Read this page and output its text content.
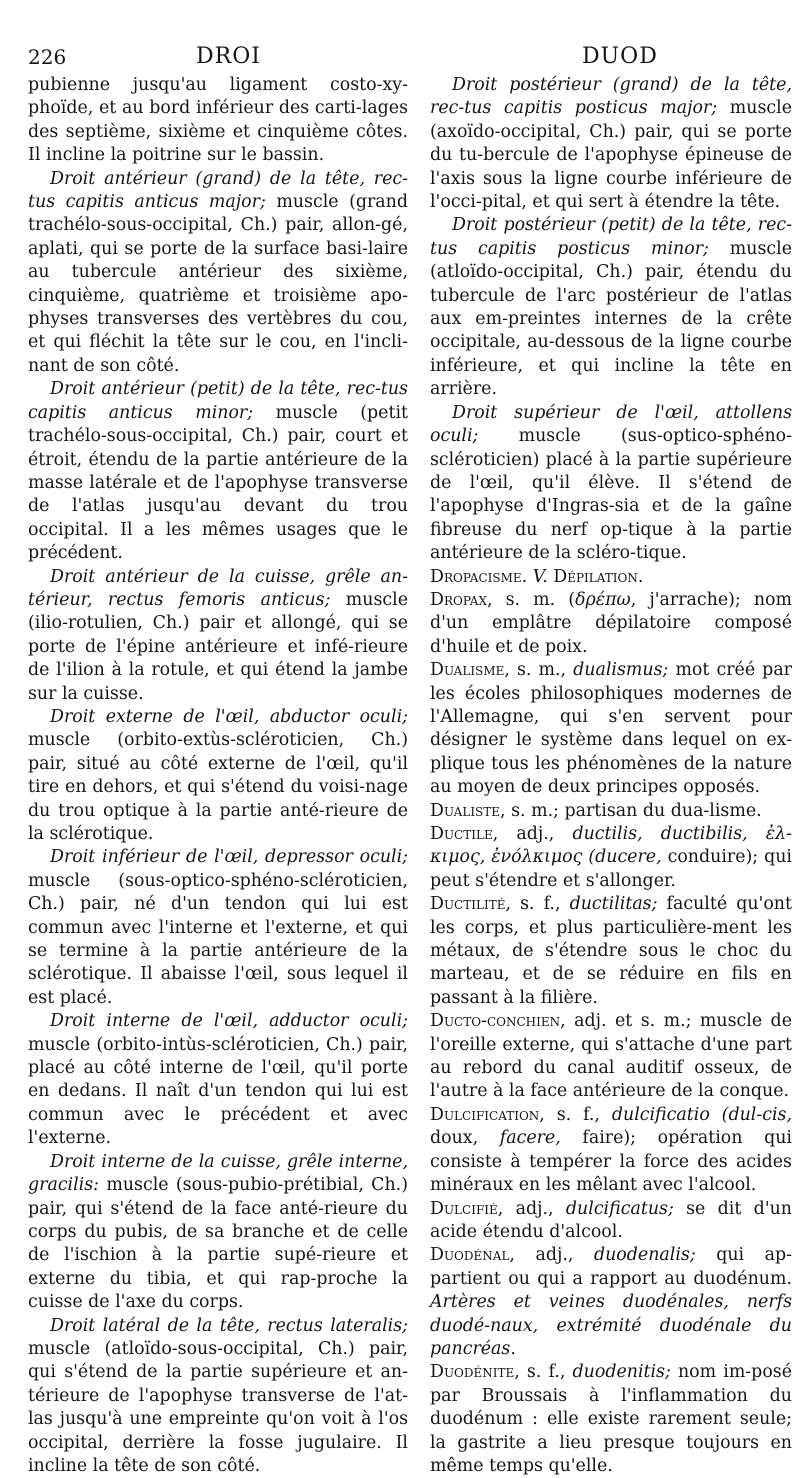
226	DROI	DUOD

pubienne jusqu'au ligament costo-xy-phoïde, et au bord inférieur des carti-lages des septième, sixième et cinquième côtes. Il incline la poitrine sur le bassin.

Droit antérieur (grand) de la tête, rec-tus capitis anticus major; muscle (grand trachélo-sous-occipital, Ch.) pair, allon-gé, aplati, qui se porte de la surface basi-laire au tubercule antérieur des sixième, cinquième, quatrième et troisième apo-physes transverses des vertèbres du cou, et qui fléchit la tête sur le cou, en l'incli-nant de son côté.

Droit antérieur (petit) de la tête, rec-tus capitis anticus minor; muscle (petit trachélo-sous-occipital, Ch.) pair, court et étroit, étendu de la partie antérieure de la masse latérale et de l'apophyse transverse de l'atlas jusqu'au devant du trou occipital. Il a les mêmes usages que le précédent.

Droit antérieur de la cuisse, grêle an-térieur, rectus femoris anticus; muscle (ilio-rotulien, Ch.) pair et allongé, qui se porte de l'épine antérieure et infé-rieure de l'ilion à la rotule, et qui étend la jambe sur la cuisse.

Droit externe de l'œil, abductor oculi; muscle (orbito-extùs-scléroticien, Ch.) pair, situé au côté externe de l'œil, qu'il tire en dehors, et qui s'étend du voisi-nage du trou optique à la partie anté-rieure de la sclérotique.

Droit inférieur de l'œil, depressor oculi; muscle (sous-optico-sphéno-scléroticien, Ch.) pair, né d'un tendon qui lui est commun avec l'interne et l'externe, et qui se termine à la partie antérieure de la sclérotique. Il abaisse l'œil, sous lequel il est placé.

Droit interne de l'œil, adductor oculi; muscle (orbito-intùs-scléroticien, Ch.) pair, placé au côté interne de l'œil, qu'il porte en dedans. Il naît d'un tendon qui lui est commun avec le précédent et avec l'externe.

Droit interne de la cuisse, grêle interne, gracilis: muscle (sous-pubio-prétibial, Ch.) pair, qui s'étend de la face anté-rieure du corps du pubis, de sa branche et de celle de l'ischion à la partie supé-rieure et externe du tibia, et qui rap-proche la cuisse de l'axe du corps.

Droit latéral de la tête, rectus lateralis; muscle (atloïdo-sous-occipital, Ch.) pair, qui s'étend de la partie supérieure et an-térieure de l'apophyse transverse de l'at-las jusqu'à une empreinte qu'on voit à l'os occipital, derrière la fosse jugulaire. Il incline la tête de son côté.

Droit postérieur (grand) de la tête, rec-tus capitis posticus major; muscle (axoïdo-occipital, Ch.) pair, qui se porte du tu-bercule de l'apophyse épineuse de l'axis sous la ligne courbe inférieure de l'occi-pital, et qui sert à étendre la tête.

Droit postérieur (petit) de la tête, rec-tus capitis posticus minor; muscle (atloïdo-occipital, Ch.) pair, étendu du tubercule de l'arc postérieur de l'atlas aux em-preintes internes de la crête occipitale, au-dessous de la ligne courbe inférieure, et qui incline la tête en arrière.

Droit supérieur de l'œil, attollens oculi; muscle (sus-optico-sphéno-scléroticien) placé à la partie supérieure de l'œil, qu'il élève. Il s'étend de l'apophyse d'Ingras-sia et de la gaîne fibreuse du nerf op-tique à la partie antérieure de la scléro-tique.

Dropacisme. V. Dépilation.

Dropax, s. m. (δρέπω, j'arrache); nom d'un emplâtre dépilatoire composé d'huile et de poix.

Dualisme, s. m., dualismus; mot créé par les écoles philosophiques modernes de l'Allemagne, qui s'en servent pour désigner le système dans lequel on ex-plique tous les phénomènes de la nature au moyen de deux principes opposés.

Dualiste, s. m.; partisan du dua-lisme.

Ductile, adj., ductilis, ductibilis, ἐλ-κιμος, ἐνόλκιμος (ducere, conduire); qui peut s'étendre et s'allonger.

Ductilité, s. f., ductilitas; faculté qu'ont les corps, et plus particulière-ment les métaux, de s'étendre sous le choc du marteau, et de se réduire en fils en passant à la filière.

Ducto-conchien, adj. et s. m.; muscle de l'oreille externe, qui s'attache d'une part au rebord du canal auditif osseux, de l'autre à la face antérieure de la conque.

Dulcification, s. f., dulcificatio (dul-cis, doux, facere, faire); opération qui consiste à tempérer la force des acides minéraux en les mêlant avec l'alcool.

Dulcifié, adj., dulcificatus; se dit d'un acide étendu d'alcool.

Duodénal, adj., duodenalis; qui ap-partient ou qui a rapport au duodénum. Artères et veines duodénales, nerfs duodé-naux, extrémité duodénale du pancréas.

Duodénite, s. f., duodenitis; nom im-posé par Broussais à l'inflammation du duodénum : elle existe rarement seule; la gastrite a lieu presque toujours en même temps qu'elle.
